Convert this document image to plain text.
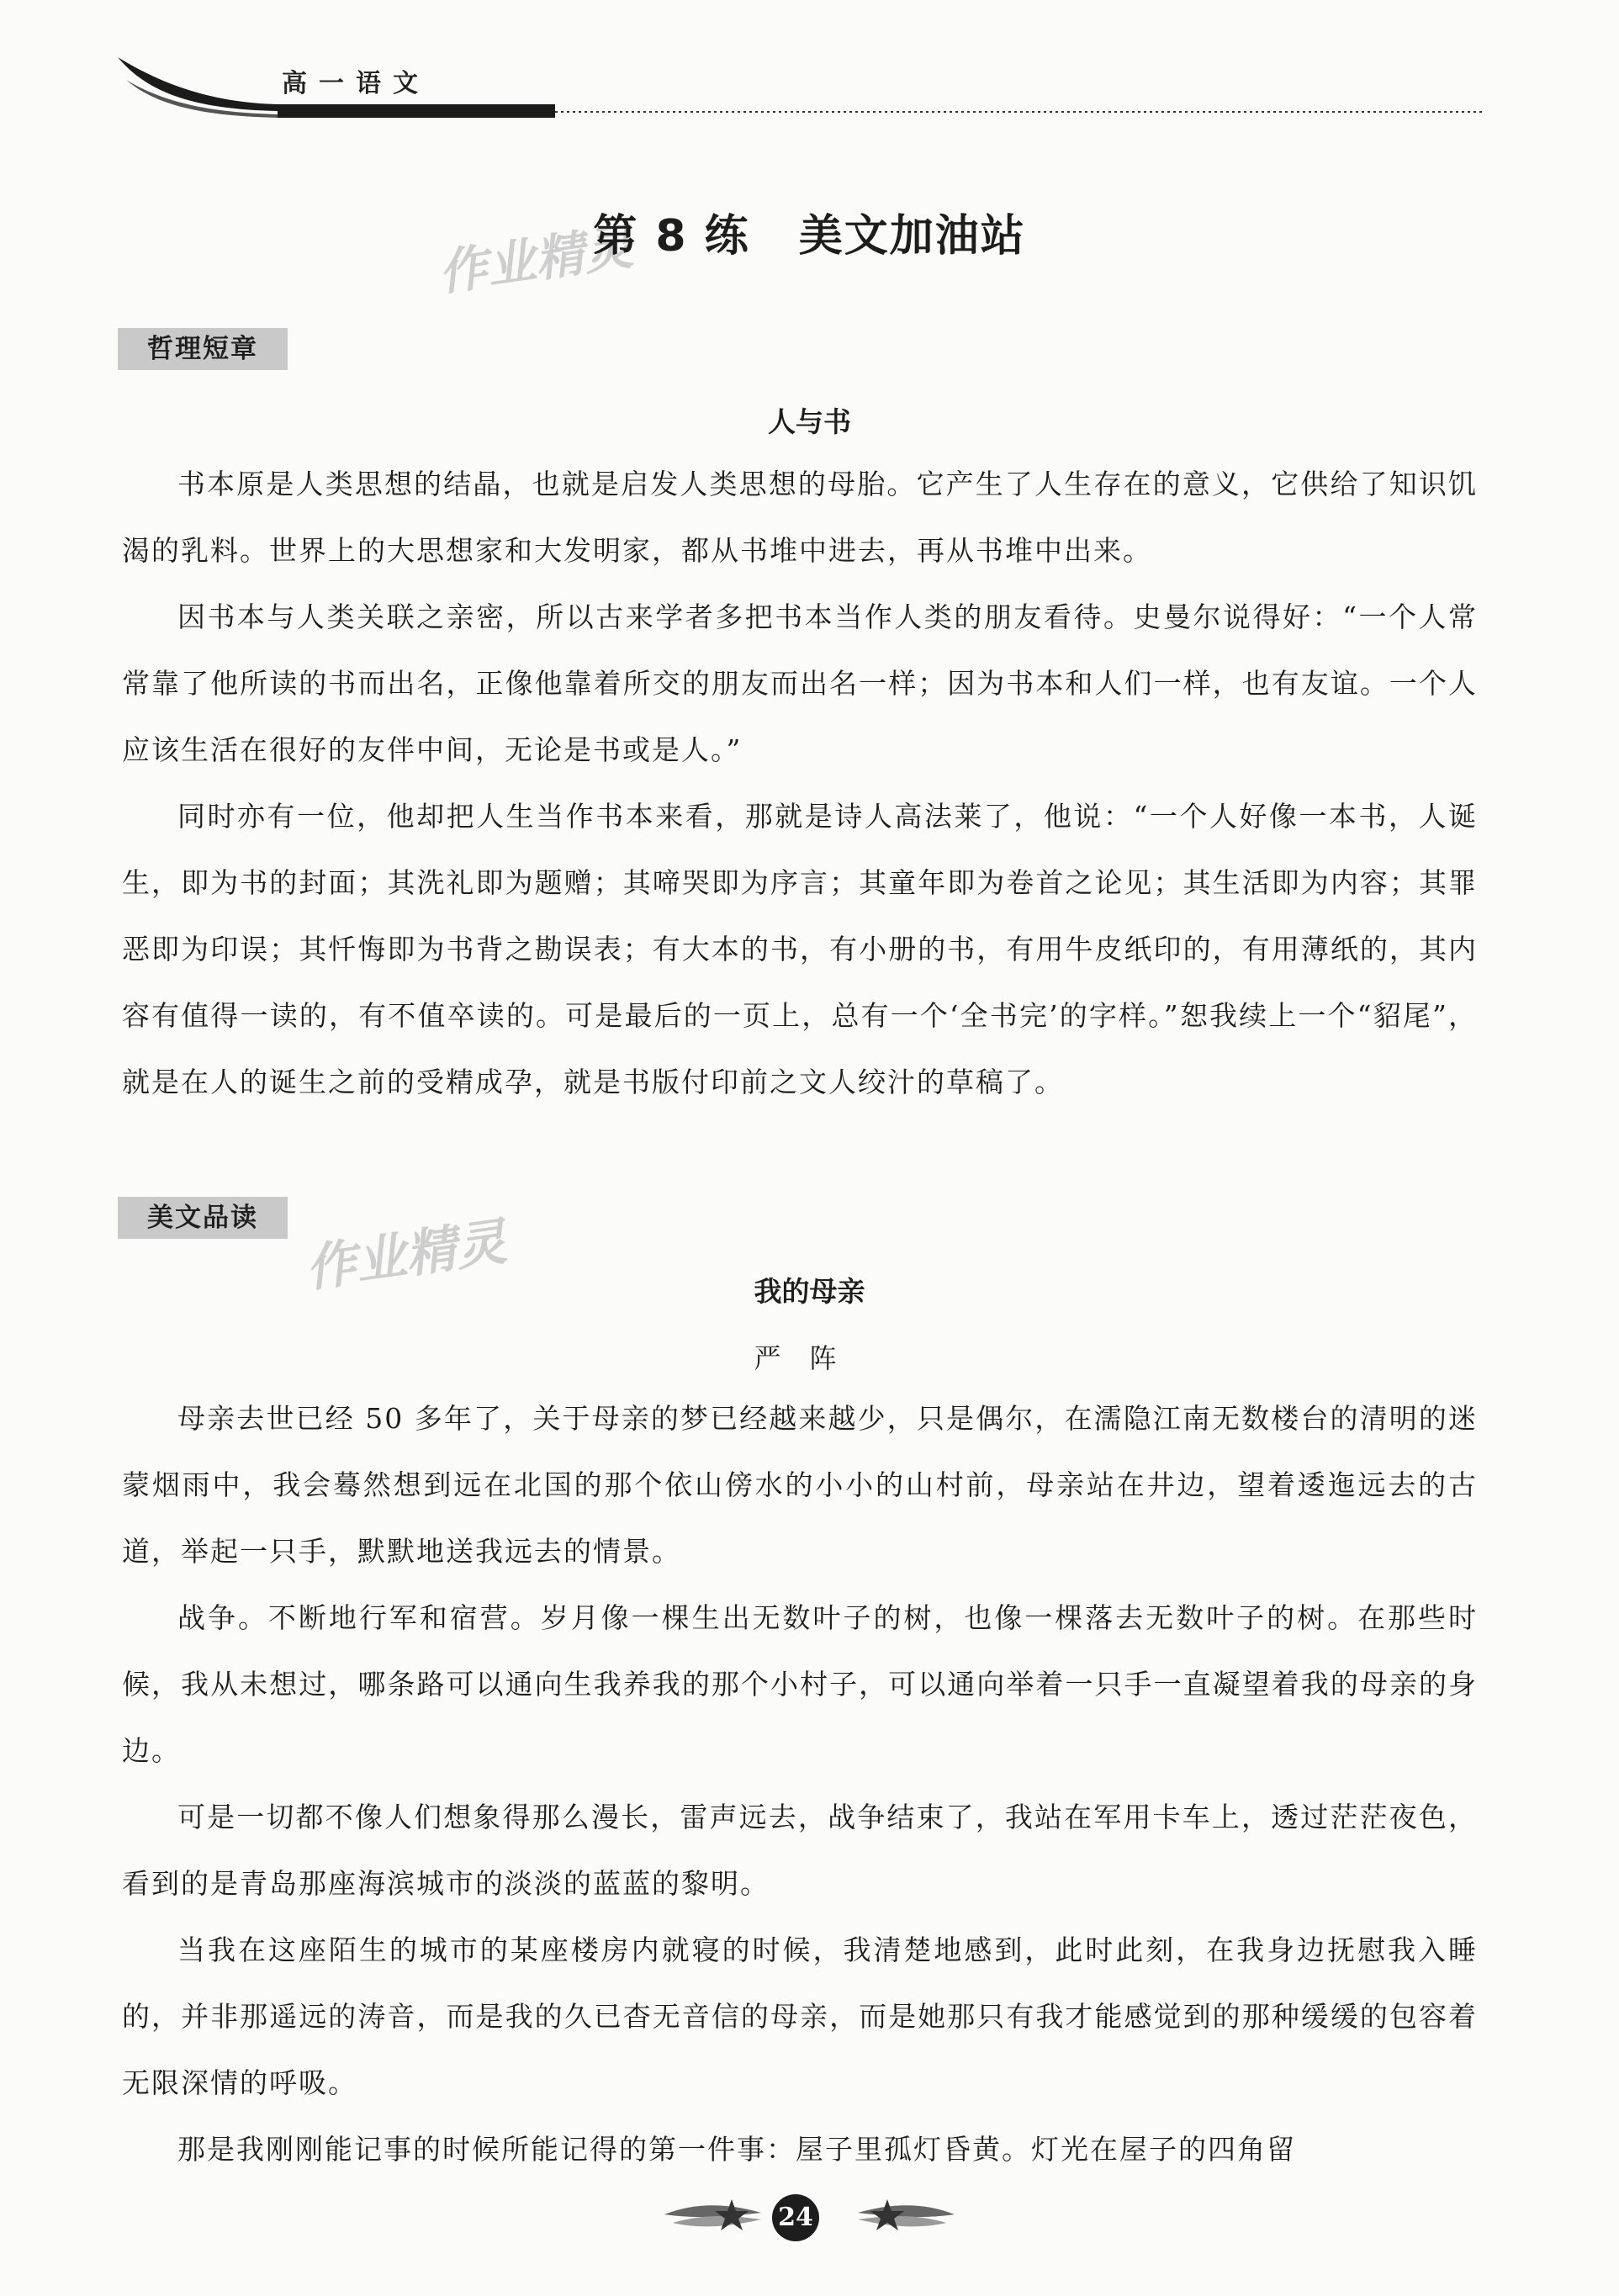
高一语文
作业精灵
第 8 练 美文加油站
哲理短章
人与书

书本原是人类思想的结晶，也就是启发人类思想的母胎。它产生了人生存在的意义，它供给了知识饥渴的乳料。世界上的大思想家和大发明家，都从书堆中进去，再从书堆中出来。

因书本与人类关联之亲密，所以古来学者多把书本当作人类的朋友看待。史曼尔说得好：“一个人常常靠了他所读的书而出名，正像他靠着所交的朋友而出名一样；因为书本和人们一样，也有友谊。一个人应该生活在很好的友伴中间，无论是书或是人。”

同时亦有一位，他却把人生当作书本来看，那就是诗人高法莱了，他说：“一个人好像一本书，人诞生，即为书的封面；其洗礼即为题赠；其啼哭即为序言；其童年即为卷首之论见；其生活即为内容；其罪恶即为印误；其忏悔即为书背之勘误表；有大本的书，有小册的书，有用牛皮纸印的，有用薄纸的，其内容有值得一读的，有不值卒读的。可是最后的一页上，总有一个‘全书完’的字样。”恕我续上一个“貂尾”，就是在人的诞生之前的受精成孕，就是书版付印前之文人绞汁的草稿了。

美文品读 作业精灵	我的母亲
严阵

母亲去世已经 50 多年了，关于母亲的梦已经越来越少，只是偶尔，在濡隐江南无数楼台的清明的迷蒙烟雨中，我会蓦然想到远在北国的那个依山傍水的小小的山村前，母亲站在井边，望着逶迤远去的古道，举起一只手，默默地送我远去的情景。

战争。不断地行军和宿营。岁月像一棵生出无数叶子的树，也像一棵落去无数叶子的树。在那些时候，我从未想过，哪条路可以通向生我养我的那个小村子，可以通向举着一只手一直凝望着我的母亲的身边。

可是一切都不像人们想象得那么漫长，雷声远去，战争结束了，我站在军用卡车上，透过茫茫夜色，看到的是青岛那座海滨城市的淡淡的蓝蓝的黎明。

当我在这座陌生的城市的某座楼房内就寝的时候，我清楚地感到，此时此刻，在我身边抚慰我入睡的，并非那遥远的涛音，而是我的久已杳无音信的母亲，而是她那只有我才能感觉到的那种缓缓的包容着无限深情的呼吸。

那是我刚刚能记事的时候所能记得的第一件事：屋子里孤灯昏黄。灯光在屋子的四角留

24
